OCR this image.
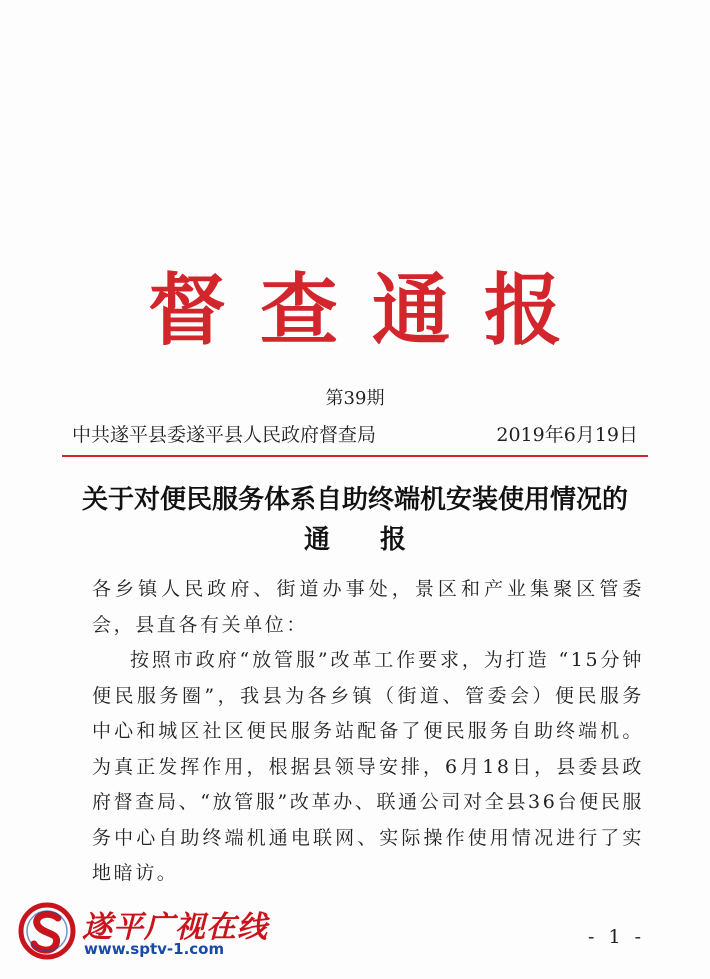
督查通报
第39期
中共遂平县委遂平县人民政府督查局	2019年6月19日
关于对便民服务体系自助终端机安装使用情况的
通报

各乡镇人民政府、街道办事处，景区和产业集聚区管委会，县直各有关单位：

按照市政府“放管服”改革工作要求，为打造 “15分钟便民服务圈”，我县为各乡镇（街道、管委会）便民服务中心和城区社区便民服务站配备了便民服务自助终端机。为真正发挥作用，根据县领导安排，6月18日，县委县政府督查局、“放管服”改革办、联通公司对全县36台便民服务中心自助终端机通电联网、实际操作使用情况进行了实地暗访。

遂平广视在线
www.sptv-1.com
- 1 -
